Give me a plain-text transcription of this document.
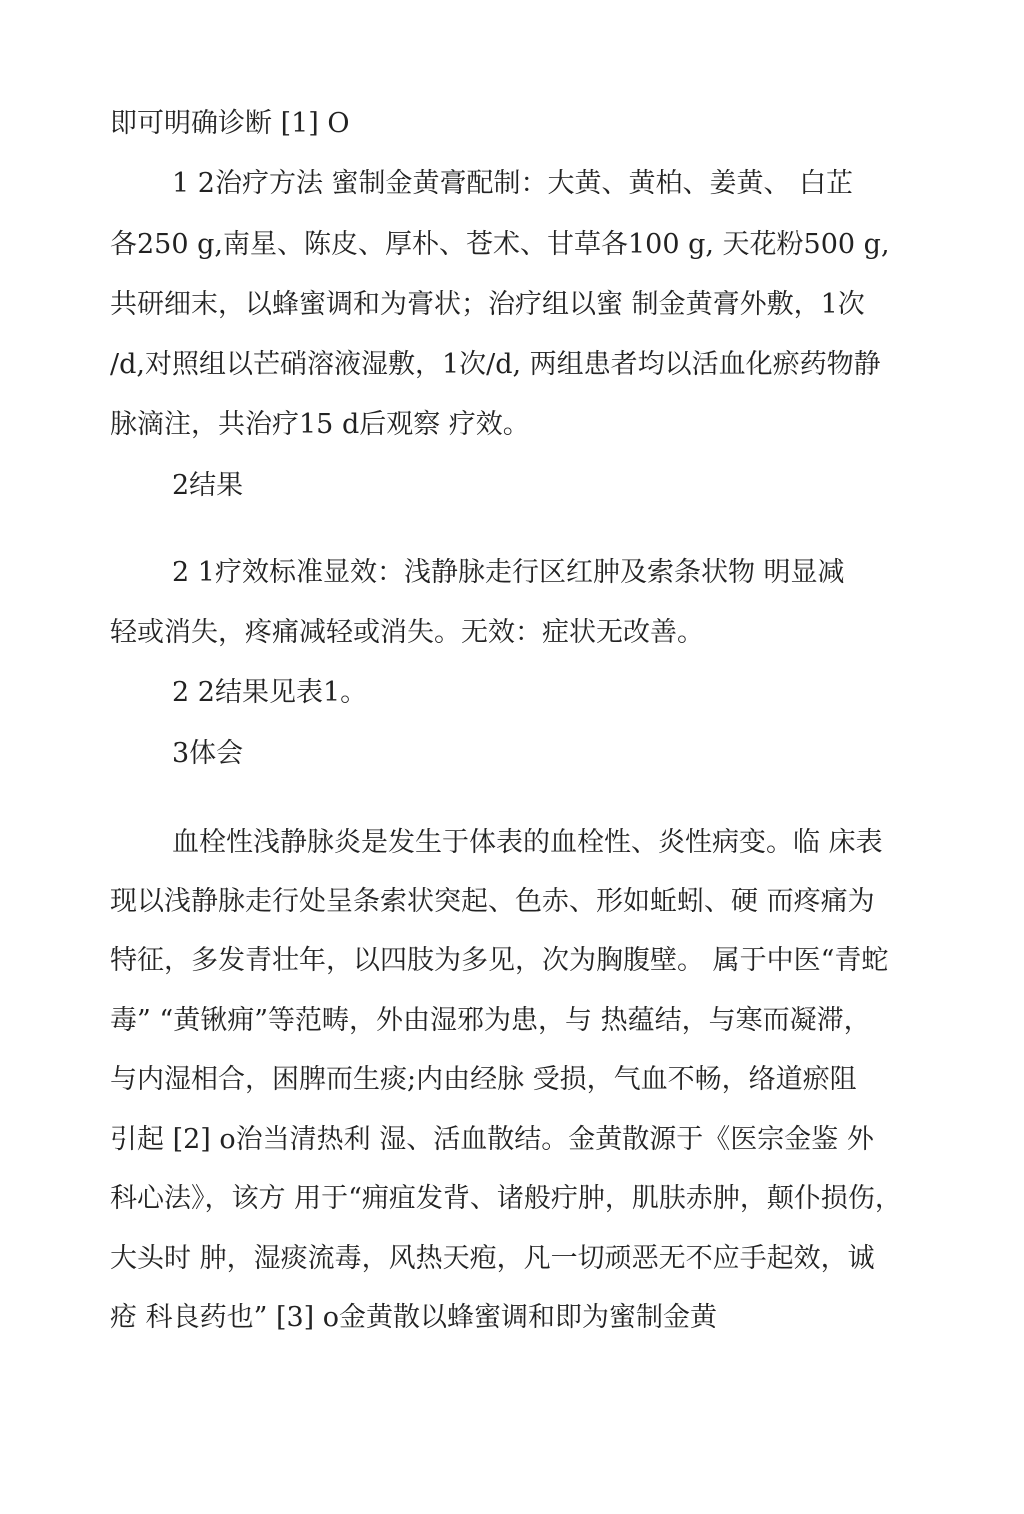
即可明确诊断 [1] O
1 2治疗方法 蜜制金黄膏配制：大黄、黄柏、姜黄、 白芷
各250 g,南星、陈皮、厚朴、苍术、甘草各100 g, 天花粉500 g,
共研细末，以蜂蜜调和为膏状；治疗组以蜜 制金黄膏外敷，1次
/d,对照组以芒硝溶液湿敷，1次/d, 两组患者均以活血化瘀药物静
脉滴注，共治疗15 d后观察 疗效。
2结果
2 1疗效标准显效：浅静脉走行区红肿及索条状物 明显减
轻或消失，疼痛减轻或消失。无效：症状无改善。
2 2结果见表1。
3体会
血栓性浅静脉炎是发生于体表的血栓性、炎性病变。临 床表
现以浅静脉走行处呈条索状突起、色赤、形如蚯蚓、硬 而疼痛为
特征，多发青壮年，以四肢为多见，次为胸腹壁。 属于中医“青蛇
毒” “黄锹痈”等范畴，外由湿邪为患，与 热蕴结，与寒而凝滞，
与内湿相合，困脾而生痰;内由经脉 受损，气血不畅，络道瘀阻
引起 [2] o治当清热利 湿、活血散结。金黄散源于《医宗金鉴 外
科心法》，该方 用于“痈疽发背、诸般疔肿，肌肤赤肿，颠仆损伤，
大头时 肿，湿痰流毒，风热天疱，凡一切顽恶无不应手起效，诚
疮 科良药也” [3] o金黄散以蜂蜜调和即为蜜制金黄
